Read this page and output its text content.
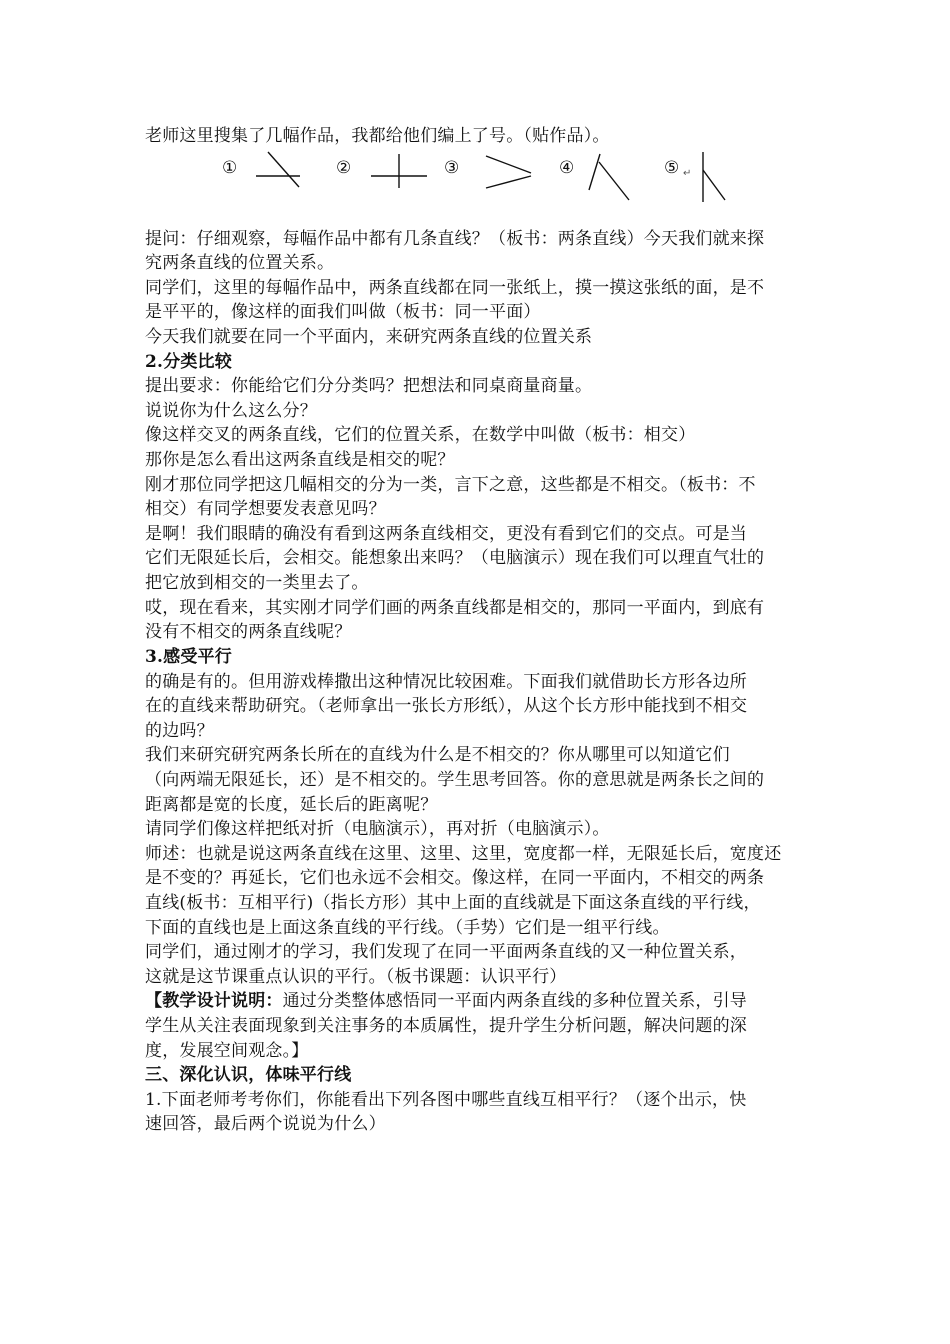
老师这里搜集了几幅作品，我都给他们编上了号。（贴作品）。
①	②	③	④	⑤ ↵
提问：仔细观察，每幅作品中都有几条直线？（板书：两条直线）今天我们就来探
究两条直线的位置关系。
同学们，这里的每幅作品中，两条直线都在同一张纸上，摸一摸这张纸的面，是不
是平平的，像这样的面我们叫做（板书：同一平面）
今天我们就要在同一个平面内，来研究两条直线的位置关系
2.分类比较
提出要求：你能给它们分分类吗？把想法和同桌商量商量。
说说你为什么这么分？
像这样交叉的两条直线，它们的位置关系，在数学中叫做（板书：相交）
那你是怎么看出这两条直线是相交的呢？
刚才那位同学把这几幅相交的分为一类，言下之意，这些都是不相交。（板书：不
相交）有同学想要发表意见吗？
是啊！我们眼睛的确没有看到这两条直线相交，更没有看到它们的交点。可是当
它们无限延长后，会相交。能想象出来吗？（电脑演示）现在我们可以理直气壮的
把它放到相交的一类里去了。
哎，现在看来，其实刚才同学们画的两条直线都是相交的，那同一平面内，到底有
没有不相交的两条直线呢？
3.感受平行
的确是有的。但用游戏棒撒出这种情况比较困难。下面我们就借助长方形各边所
在的直线来帮助研究。（老师拿出一张长方形纸），从这个长方形中能找到不相交
的边吗？
我们来研究研究两条长所在的直线为什么是不相交的？你从哪里可以知道它们
（向两端无限延长，还）是不相交的。学生思考回答。你的意思就是两条长之间的
距离都是宽的长度，延长后的距离呢？
请同学们像这样把纸对折（电脑演示），再对折（电脑演示）。
师述：也就是说这两条直线在这里、这里、这里，宽度都一样，无限延长后，宽度还
是不变的？再延长，它们也永远不会相交。像这样，在同一平面内，不相交的两条
直线(板书：互相平行)（指长方形）其中上面的直线就是下面这条直线的平行线，
下面的直线也是上面这条直线的平行线。（手势）它们是一组平行线。
同学们，通过刚才的学习，我们发现了在同一平面两条直线的又一种位置关系，
这就是这节课重点认识的平行。（板书课题：认识平行）
【教学设计说明：通过分类整体感悟同一平面内两条直线的多种位置关系，引导
学生从关注表面现象到关注事务的本质属性，提升学生分析问题，解决问题的深
度，发展空间观念。】
三、深化认识，体味平行线
1.下面老师考考你们，你能看出下列各图中哪些直线互相平行？（逐个出示，快
速回答，最后两个说说为什么）
